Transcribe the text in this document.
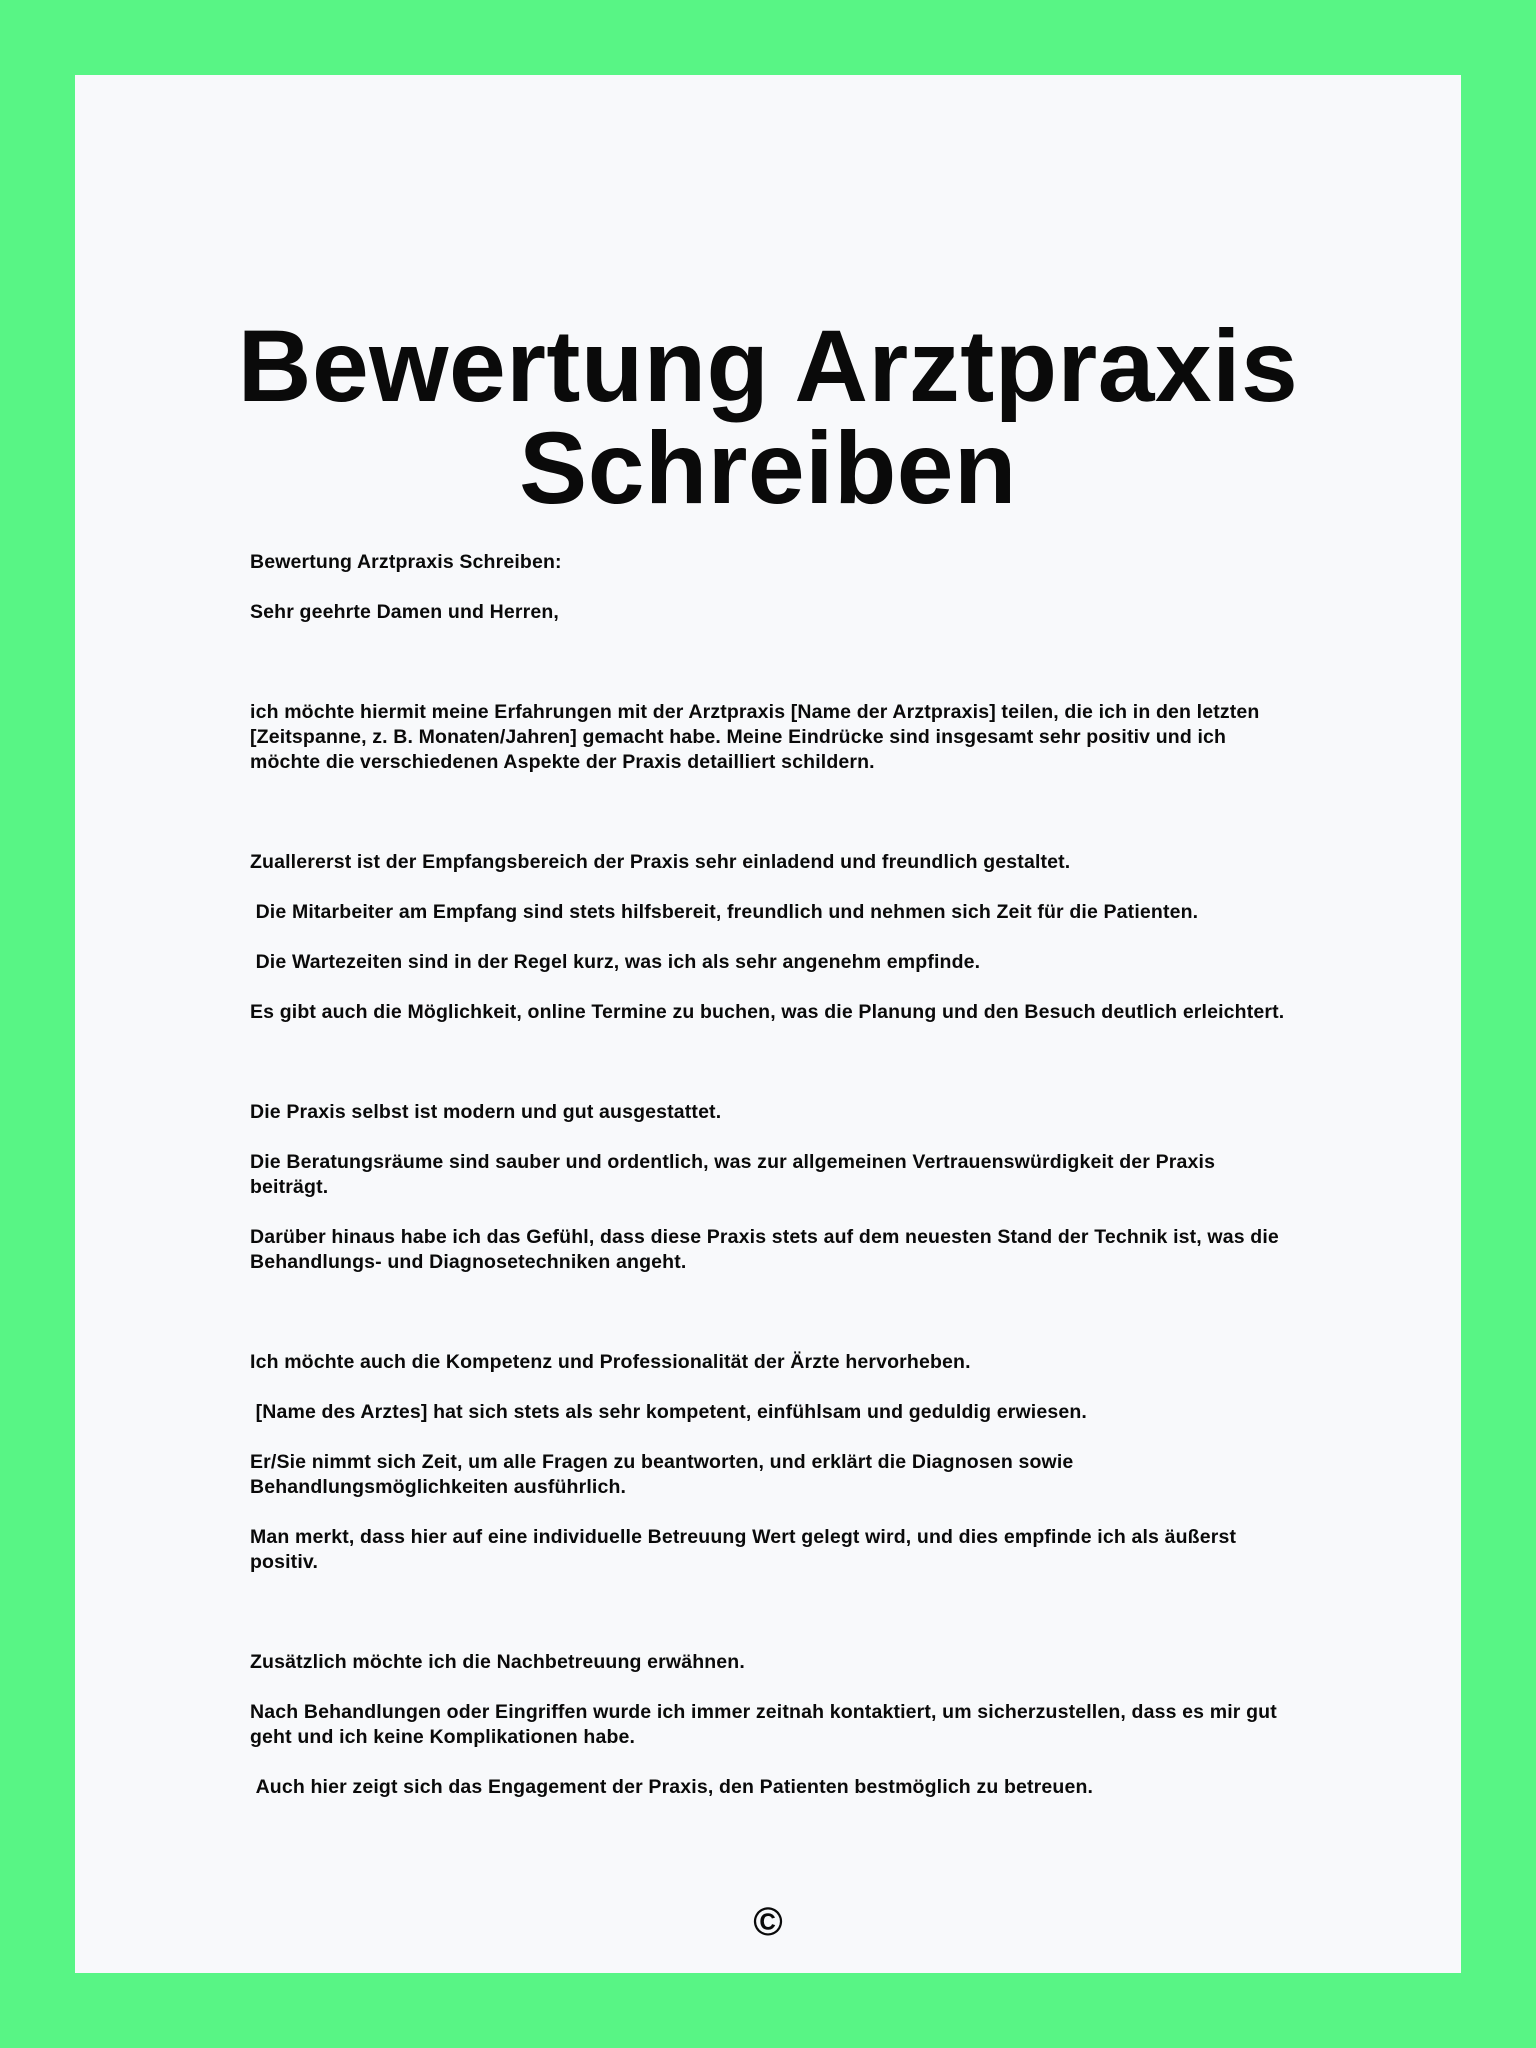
Bewertung Arztpraxis
Schreiben

Bewertung Arztpraxis Schreiben:

Sehr geehrte Damen und Herren,

ich möchte hiermit meine Erfahrungen mit der Arztpraxis [Name der Arztpraxis] teilen, die ich in den letzten [Zeitspanne, z. B. Monaten/Jahren] gemacht habe. Meine Eindrücke sind insgesamt sehr positiv und ich möchte die verschiedenen Aspekte der Praxis detailliert schildern.

Zuallererst ist der Empfangsbereich der Praxis sehr einladend und freundlich gestaltet.

Die Mitarbeiter am Empfang sind stets hilfsbereit, freundlich und nehmen sich Zeit für die Patienten.

Die Wartezeiten sind in der Regel kurz, was ich als sehr angenehm empfinde.

Es gibt auch die Möglichkeit, online Termine zu buchen, was die Planung und den Besuch deutlich erleichtert.

Die Praxis selbst ist modern und gut ausgestattet.

Die Beratungsräume sind sauber und ordentlich, was zur allgemeinen Vertrauenswürdigkeit der Praxis beiträgt.

Darüber hinaus habe ich das Gefühl, dass diese Praxis stets auf dem neuesten Stand der Technik ist, was die Behandlungs- und Diagnosetechniken angeht.

Ich möchte auch die Kompetenz und Professionalität der Ärzte hervorheben.

[Name des Arztes] hat sich stets als sehr kompetent, einfühlsam und geduldig erwiesen.

Er/Sie nimmt sich Zeit, um alle Fragen zu beantworten, und erklärt die Diagnosen sowie Behandlungsmöglichkeiten ausführlich.

Man merkt, dass hier auf eine individuelle Betreuung Wert gelegt wird, und dies empfinde ich als äußerst positiv.

Zusätzlich möchte ich die Nachbetreuung erwähnen.

Nach Behandlungen oder Eingriffen wurde ich immer zeitnah kontaktiert, um sicherzustellen, dass es mir gut geht und ich keine Komplikationen habe.

Auch hier zeigt sich das Engagement der Praxis, den Patienten bestmöglich zu betreuen.

©
